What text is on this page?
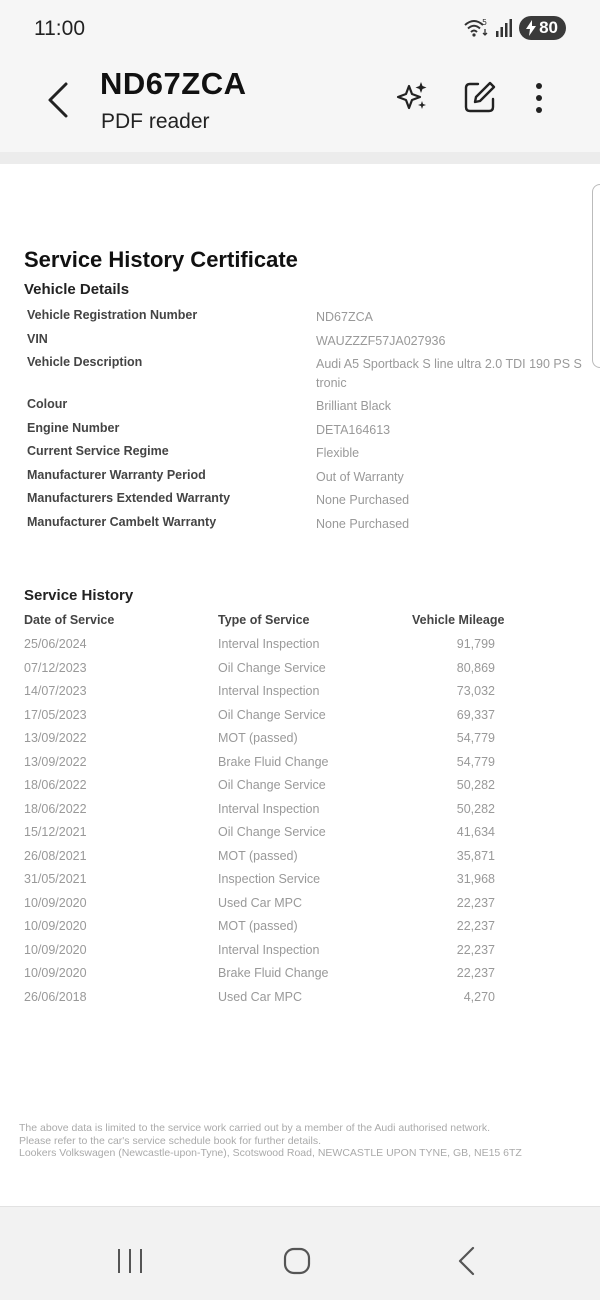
11:00	5	80
ND67ZCA
PDF reader
Service History Certificate
Vehicle Details
Vehicle Registration Number	ND67ZCA
VIN	WAUZZZF57JA027936
Vehicle Description	Audi A5 Sportback S line ultra 2.0 TDI 190 PS S tronic
Colour	Brilliant Black
Engine Number	DETA164613
Current Service Regime	Flexible
Manufacturer Warranty Period	Out of Warranty
Manufacturers Extended Warranty	None Purchased
Manufacturer Cambelt Warranty	None Purchased
Service History
Date of Service	Type of Service	Vehicle Mileage
25/06/2024	Interval Inspection	91,799
07/12/2023	Oil Change Service	80,869
14/07/2023	Interval Inspection	73,032
17/05/2023	Oil Change Service	69,337
13/09/2022	MOT (passed)	54,779
13/09/2022	Brake Fluid Change	54,779
18/06/2022	Oil Change Service	50,282
18/06/2022	Interval Inspection	50,282
15/12/2021	Oil Change Service	41,634
26/08/2021	MOT (passed)	35,871
31/05/2021	Inspection Service	31,968
10/09/2020	Used Car MPC	22,237
10/09/2020	MOT (passed)	22,237
10/09/2020	Interval Inspection	22,237
10/09/2020	Brake Fluid Change	22,237
26/06/2018	Used Car MPC	4,270
The above data is limited to the service work carried out by a member of the Audi authorised network.
Please refer to the car's service schedule book for further details.
Lookers Volkswagen (Newcastle-upon-Tyne), Scotswood Road, NEWCASTLE UPON TYNE, GB, NE15 6TZ
